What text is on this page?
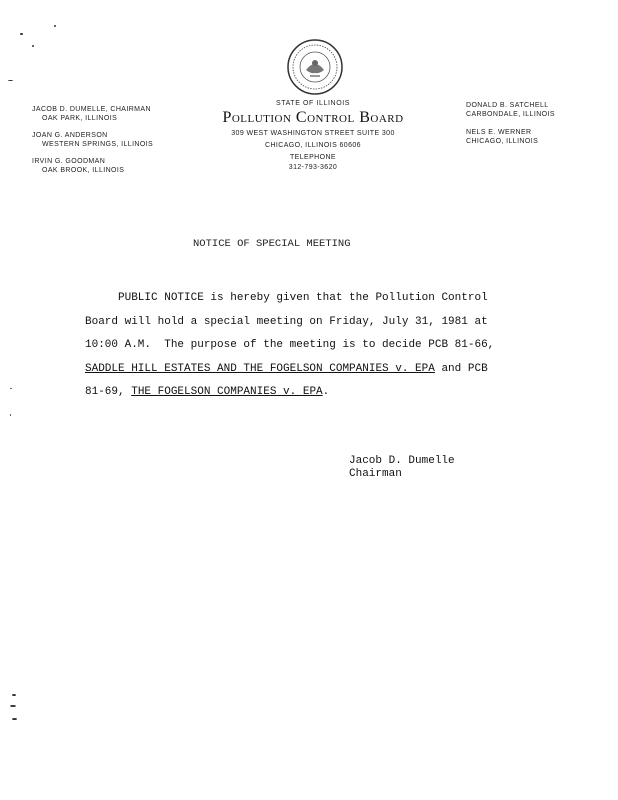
JACOB D. DUMELLE, CHAIRMAN
OAK PARK, ILLINOIS
JOAN G. ANDERSON
WESTERN SPRINGS, ILLINOIS
IRVIN G. GOODMAN
OAK BROOK, ILLINOIS
STATE OF ILLINOIS
Pollution Control Board
309 WEST WASHINGTON STREET SUITE 300
CHICAGO, ILLINOIS 60606
TELEPHONE
312-793-3620
DONALD B. SATCHELL
CARBONDALE, ILLINOIS
NELS E. WERNER
CHICAGO, ILLINOIS
NOTICE OF SPECIAL MEETING
PUBLIC NOTICE is hereby given that the Pollution Control
Board will hold a special meeting on Friday, July 31, 1981 at
10:00 A.M.  The purpose of the meeting is to decide PCB 81-66,
SADDLE HILL ESTATES AND THE FOGELSON COMPANIES v. EPA and PCB
81-69, THE FOGELSON COMPANIES v. EPA.
Jacob D. Dumelle
Chairman
